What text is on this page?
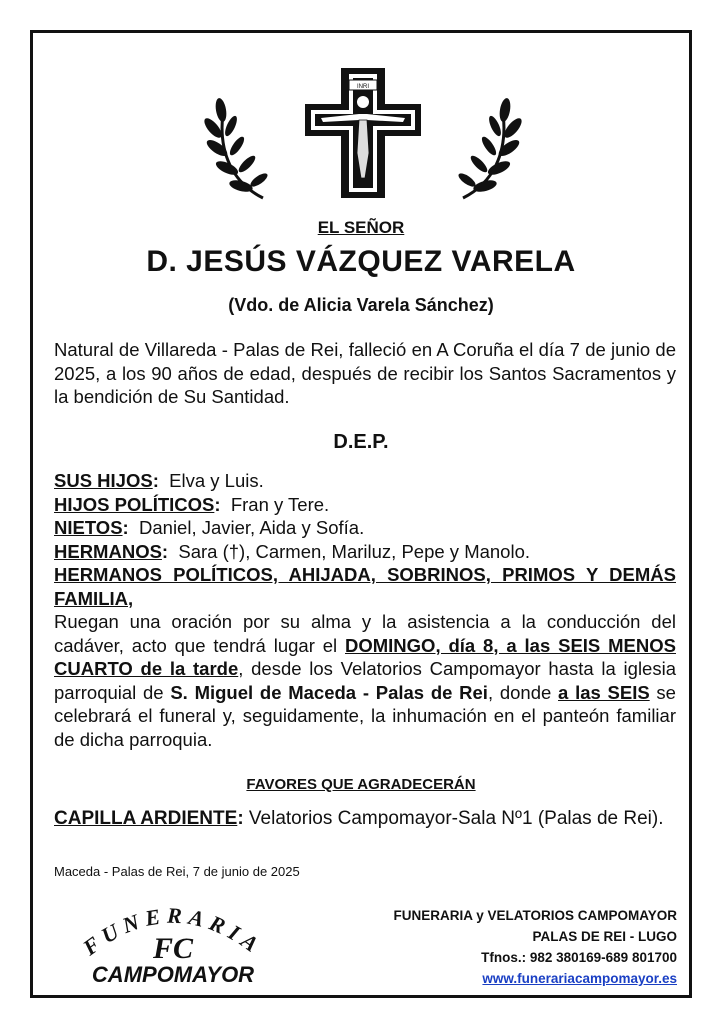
INRI
EL SEÑOR
D. JESÚS VÁZQUEZ VARELA
(Vdo. de Alicia Varela Sánchez)
Natural de Villareda - Palas de Rei, falleció en A Coruña el día 7 de junio de 2025, a los 90 años de edad, después de recibir los Santos Sacramentos y la bendición de Su Santidad.
D.E.P.
SUS HIJOS: Elva y Luis.
HIJOS POLÍTICOS: Fran y Tere.
NIETOS: Daniel, Javier, Aida y Sofía.
HERMANOS: Sara (†), Carmen, Mariluz, Pepe y Manolo.
HERMANOS POLÍTICOS, AHIJADA, SOBRINOS, PRIMOS Y DEMÁS FAMILIA,
Ruegan una oración por su alma y la asistencia a la conducción del cadáver, acto que tendrá lugar el DOMINGO, día 8, a las SEIS MENOS CUARTO de la tarde, desde los Velatorios Campomayor hasta la iglesia parroquial de S. Miguel de Maceda - Palas de Rei, donde a las SEIS se celebrará el funeral y, seguidamente, la inhumación en el panteón familiar de dicha parroquia.
FAVORES QUE AGRADECERÁN
CAPILLA ARDIENTE: Velatorios Campomayor-Sala Nº1 (Palas de Rei).
Maceda - Palas de Rei, 7 de junio de 2025
FUNERARIA
FC
CAMPOMAYOR
FUNERARIA y VELATORIOS CAMPOMAYOR
PALAS DE REI - LUGO
Tfnos.: 982 380169-689 801700
www.funerariacampomayor.es
